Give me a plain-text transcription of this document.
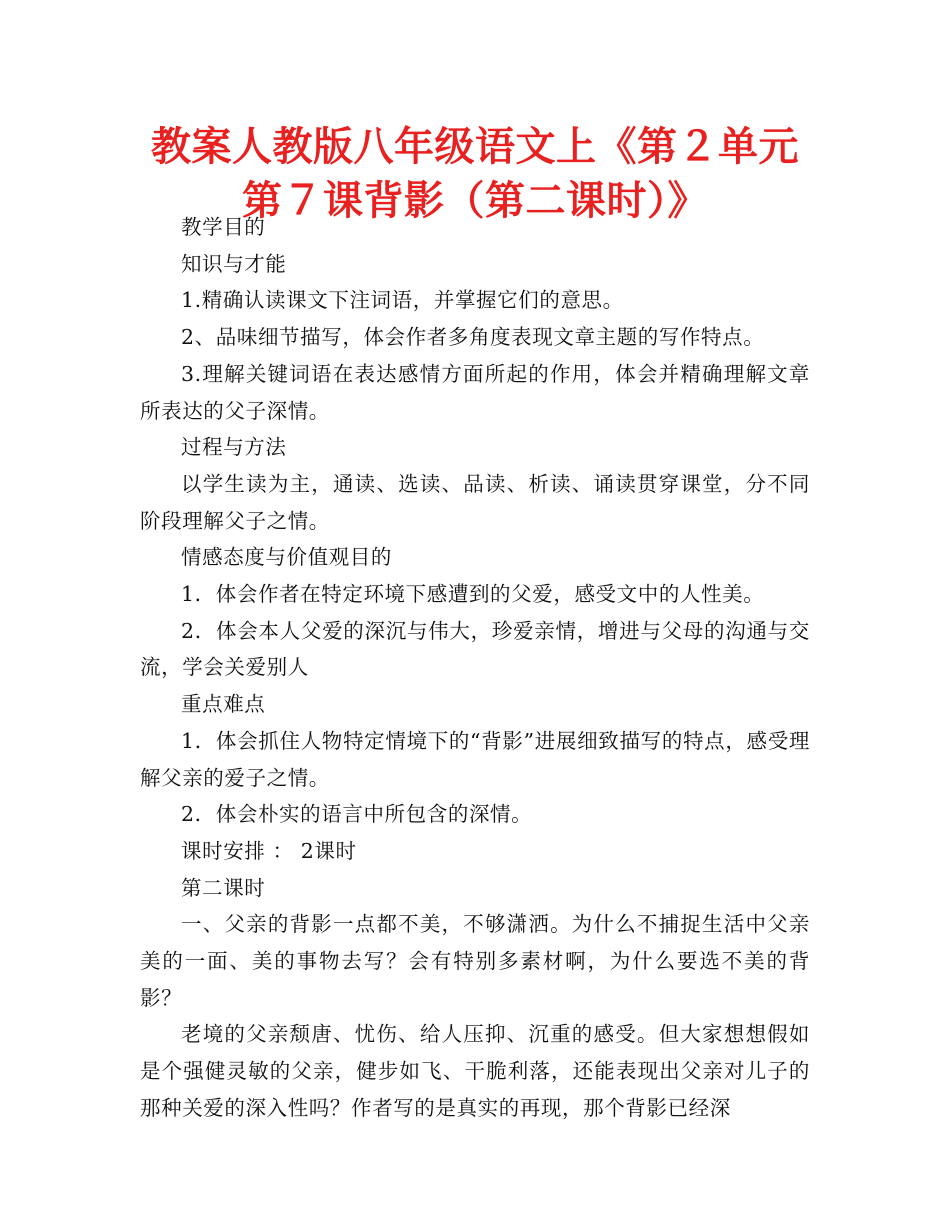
教案人教版八年级语文上《第２单元第７课背影（第二课时）》

教学目的

知识与才能

1.精确认读课文下注词语，并掌握它们的意思。

2、品味细节描写，体会作者多角度表现文章主题的写作特点。

3.理解关键词语在表达感情方面所起的作用，体会并精确理解文章所表达的父子深情。

过程与方法

以学生读为主，通读、选读、品读、析读、诵读贯穿课堂，分不同阶段理解父子之情。

情感态度与价值观目的

1．体会作者在特定环境下感遭到的父爱，感受文中的人性美。

2．体会本人父爱的深沉与伟大，珍爱亲情，增进与父母的沟通与交流，学会关爱别人

重点难点

1．体会抓住人物特定情境下的“背影”进展细致描写的特点，感受理解父亲的爱子之情。

2．体会朴实的语言中所包含的深情。

课时安排 ： 2课时

第二课时

一、父亲的背影一点都不美，不够潇洒。为什么不捕捉生活中父亲美的一面、美的事物去写？会有特别多素材啊，为什么要选不美的背影？

老境的父亲颓唐、忧伤、给人压抑、沉重的感受。但大家想想假如是个强健灵敏的父亲，健步如飞、干脆利落，还能表现出父亲对儿子的那种关爱的深入性吗？作者写的是真实的再现，那个背影已经深
